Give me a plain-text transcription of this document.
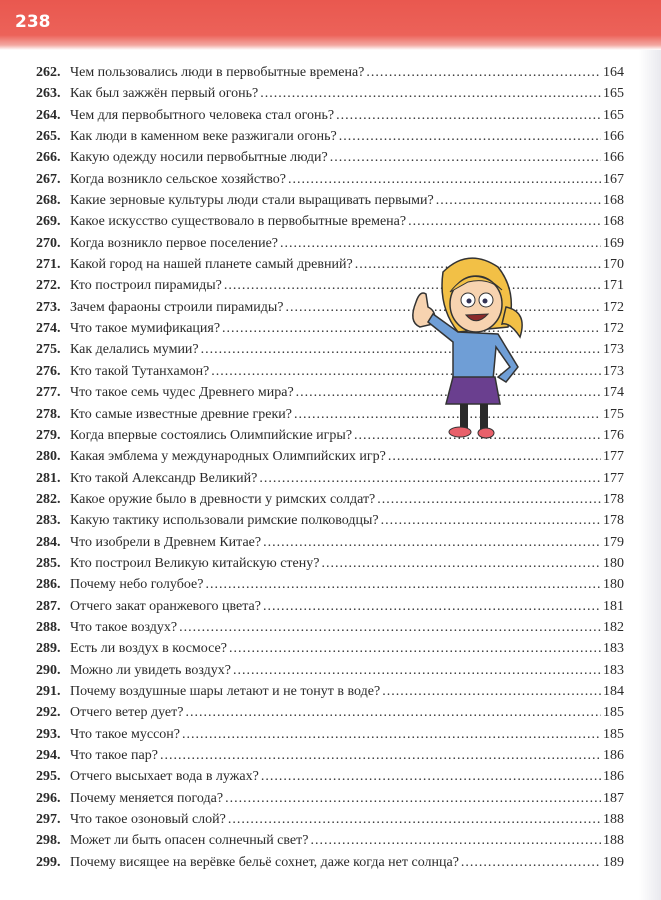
238
262. Чем пользовались люди в первобытные времена? .....	164
263. Как был зажжён первый огонь? .....	165
264. Чем для первобытного человека стал огонь? .....	165
265. Как люди в каменном веке разжигали огонь? .....	166
266. Какую одежду носили первобытные люди? .....	166
267. Когда возникло сельское хозяйство? .....	167
268. Какие зерновые культуры люди стали выращивать первыми? .....	168
269. Какое искусство существовало в первобытные времена? .....	168
270. Когда возникло первое поселение? .....	169
271. Какой город на нашей планете самый древний? .....	170
272. Кто построил пирамиды? .....	171
273. Зачем фараоны строили пирамиды? .....	172
274. Что такое мумификация? .....	172
275. Как делались мумии? .....	173
276. Кто такой Тутанхамон? .....	173
277. Что такое семь чудес Древнего мира? .....	174
278. Кто самые известные древние греки? .....	175
279. Когда впервые состоялись Олимпийские игры? .....	176
280. Какая эмблема у международных Олимпийских игр? .....	177
281. Кто такой Александр Великий? .....	177
282. Какое оружие было в древности у римских солдат? .....	178
283. Какую тактику использовали римские полководцы? .....	178
284. Что изобрели в Древнем Китае? .....	179
285. Кто построил Великую китайскую стену? .....	180
286. Почему небо голубое? .....	180
287. Отчего закат оранжевого цвета? .....	181
288. Что такое воздух? .....	182
289. Есть ли воздух в космосе? .....	183
290. Можно ли увидеть воздух? .....	183
291. Почему воздушные шары летают и не тонут в воде? .....	184
292. Отчего ветер дует? .....	185
293. Что такое муссон? .....	185
294. Что такое пар? .....	186
295. Отчего высыхает вода в лужах? .....	186
296. Почему меняется погода? .....	187
297. Что такое озоновый слой? .....	188
298. Может ли быть опасен солнечный свет? .....	188
299. Почему висящее на верёвке бельё сохнет, даже когда нет солнца? .....	189
